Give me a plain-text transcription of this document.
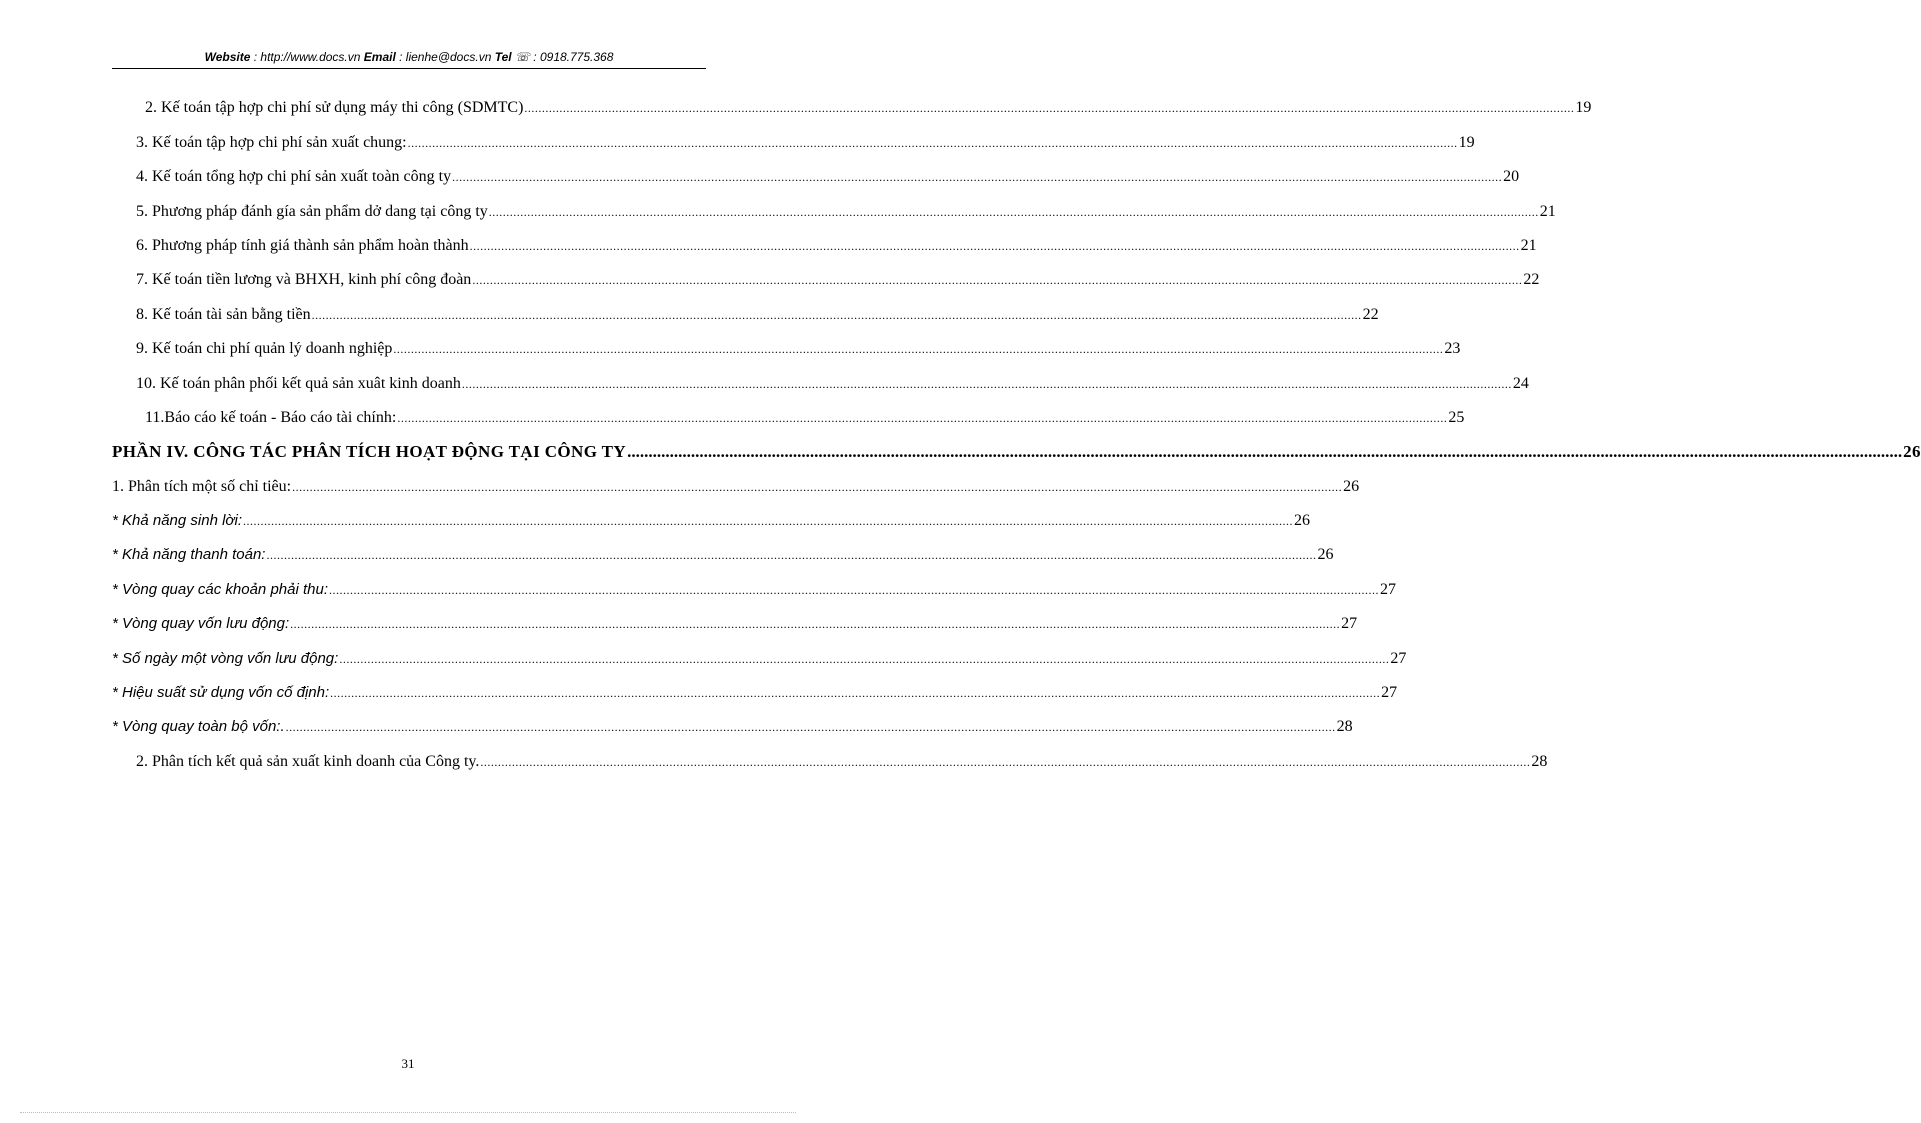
Website : http://www.docs.vn Email : lienhe@docs.vn Tel ☏ : 0918.775.368
2. Kế toán tập hợp chi phí sử dụng máy thi công (SDMTC) ............................................................................................................................................................................................................................................................................................................ 19
3. Kế toán tập hợp chi phí sản xuất chung: ............................................................................................................................................................................................................................................................................................................ 19
4. Kế toán tổng hợp chi phí sản xuất toàn công ty ............................................................................................................................................................................................................................................................................................................ 20
5. Phương pháp đánh gía sản phẩm dở dang tại công ty ............................................................................................................................................................................................................................................................................................................ 21
6. Phương pháp tính giá thành sản phẩm hoàn thành ............................................................................................................................................................................................................................................................................................................ 21
7. Kế toán tiền lương và BHXH, kinh phí công đoàn ............................................................................................................................................................................................................................................................................................................ 22
8. Kế toán tài sản bằng tiền ............................................................................................................................................................................................................................................................................................................ 22
9. Kế toán chi phí quản lý doanh nghiệp ............................................................................................................................................................................................................................................................................................................ 23
10. Kế toán phân phối kết quả sản xuât kinh doanh ............................................................................................................................................................................................................................................................................................................ 24
11.Báo cáo kế toán - Báo cáo tài chính: ............................................................................................................................................................................................................................................................................................................ 25
PHẦN IV. CÔNG TÁC PHÂN TÍCH HOẠT ĐỘNG TẠI CÔNG TY ............................................................................................................................................................................................................................................................................................................ 26
1. Phân tích một số chỉ tiêu: ............................................................................................................................................................................................................................................................................................................ 26
* Khả năng sinh lời: ............................................................................................................................................................................................................................................................................................................ 26
* Khả năng thanh toán: ............................................................................................................................................................................................................................................................................................................ 26
* Vòng quay các khoản phải thu: ............................................................................................................................................................................................................................................................................................................ 27
* Vòng quay vốn lưu động: ............................................................................................................................................................................................................................................................................................................ 27
* Số ngày một vòng vốn lưu động: ............................................................................................................................................................................................................................................................................................................ 27
* Hiệu suất sử dụng vốn cố định: ............................................................................................................................................................................................................................................................................................................ 27
* Vòng quay toàn bộ vốn:. ............................................................................................................................................................................................................................................................................................................ 28
2. Phân tích kết quả sản xuất kinh doanh của Công ty. ............................................................................................................................................................................................................................................................................................................ 28
31
